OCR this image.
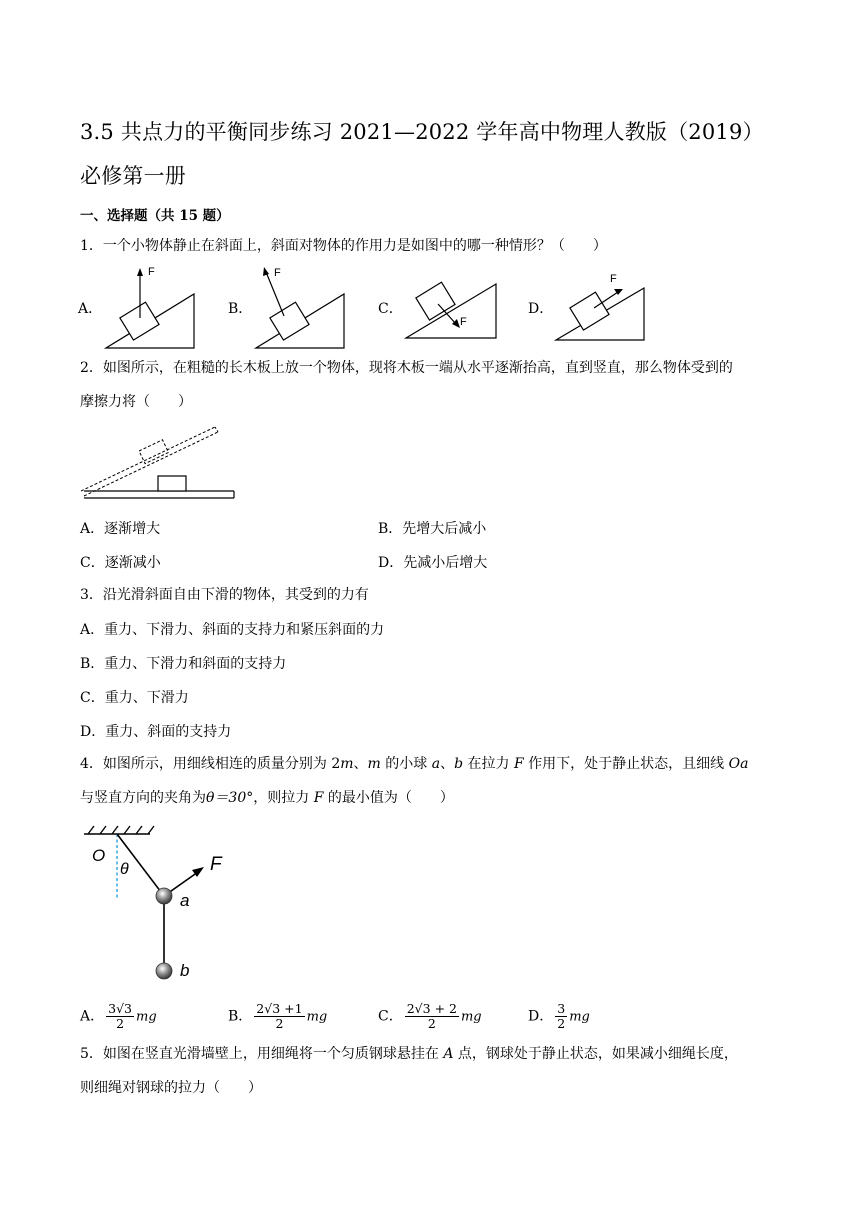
3.5 共点力的平衡同步练习 2021—2022 学年高中物理人教版（2019）
必修第一册
一、选择题（共 15 题）
1．一个小物体静止在斜面上，斜面对物体的作用力是如图中的哪一种情形？（　　）
A．
F
B．
F
C．
F
D．
F
2．如图所示，在粗糙的长木板上放一个物体，现将木板一端从水平逐渐抬高，直到竖直，那么物体受到的
摩擦力将（　　）
A．逐渐增大	B．先增大后减小
C．逐渐减小	D．先减小后增大
3．沿光滑斜面自由下滑的物体，其受到的力有
A．重力、下滑力、斜面的支持力和紧压斜面的力
B．重力、下滑力和斜面的支持力
C．重力、下滑力
D．重力、斜面的支持力
4．如图所示，用细线相连的质量分别为 2m、m 的小球 a、b 在拉力 F 作用下，处于静止状态，且细线 Oa
与竖直方向的夹角为θ＝30°，则拉力 F 的最小值为（　　）
O
θ	F
a
b
A． $\frac{3√3}{2}$ mg	B． $\frac{2√3 +1}{2}$ mg	C． $\frac{2√3 + 2}{2}$ mg	D． $\frac{3}{2}$ mg
5．如图在竖直光滑墙壁上，用细绳将一个匀质钢球悬挂在 A 点，钢球处于静止状态，如果减小细绳长度，
则细绳对钢球的拉力（　　）
